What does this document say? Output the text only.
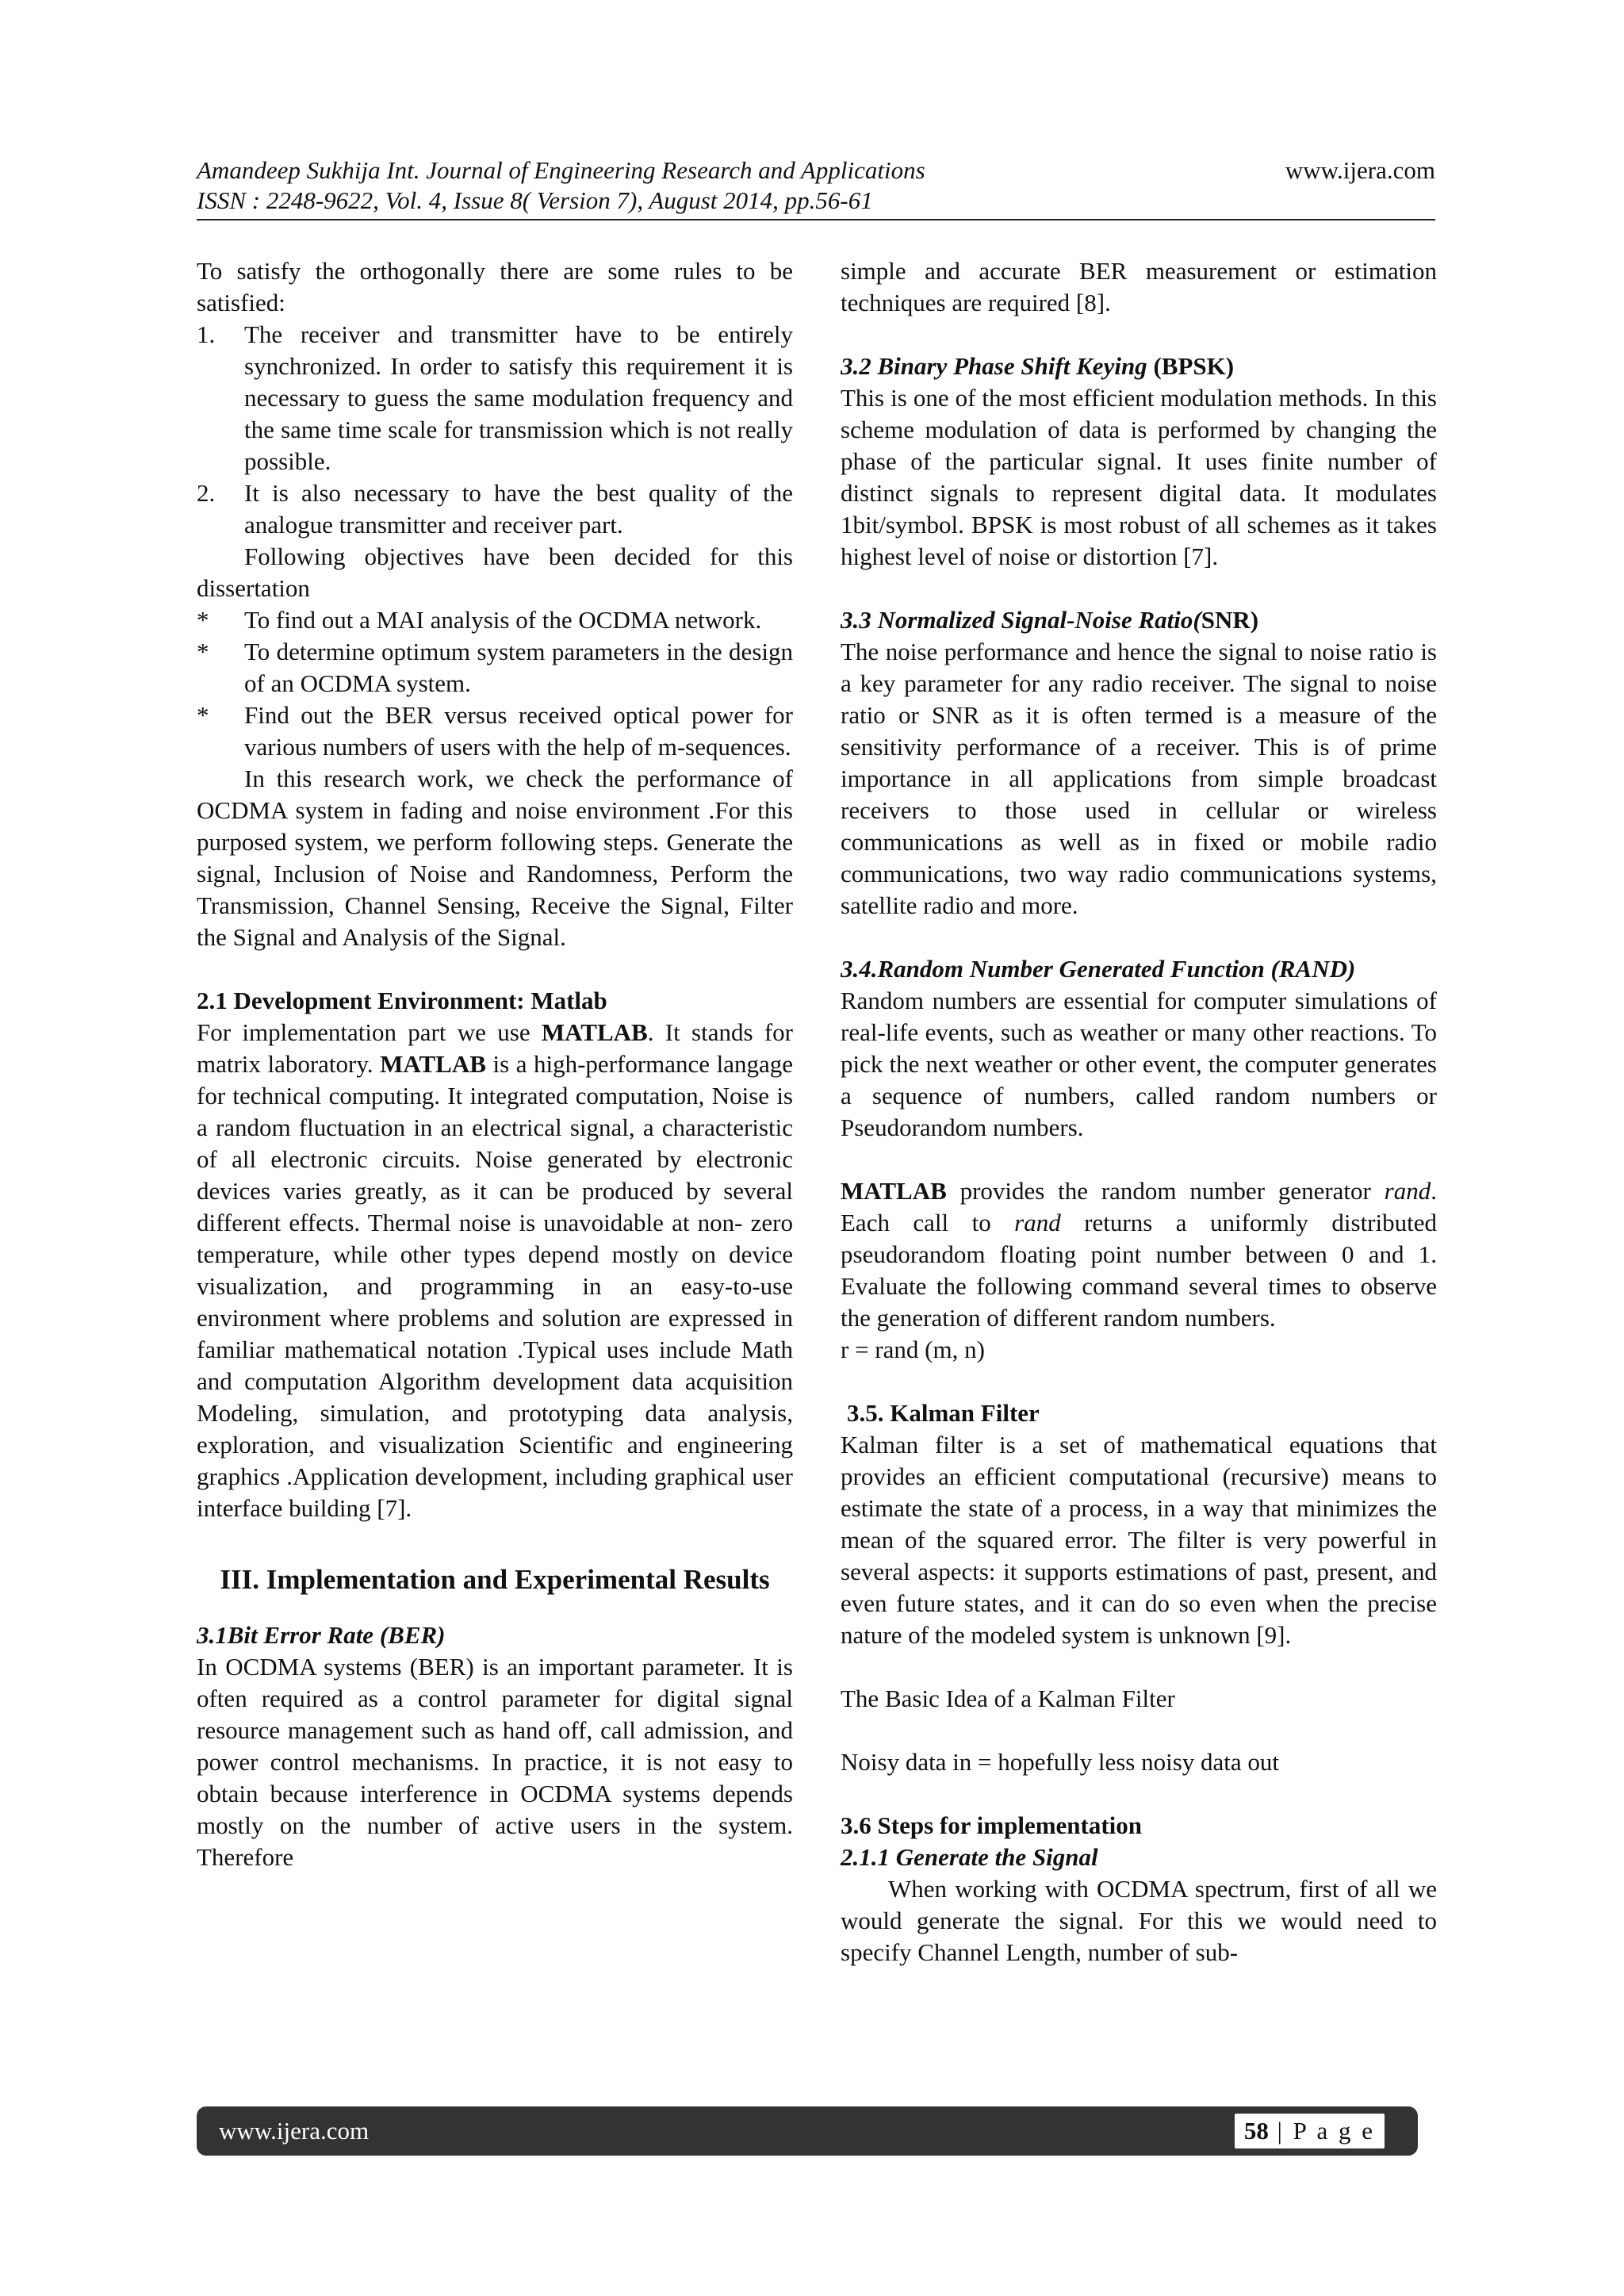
Amandeep Sukhija Int. Journal of Engineering Research and Applications	www.ijera.com
ISSN : 2248-9622, Vol. 4, Issue 8( Version 7), August 2014, pp.56-61

To satisfy the orthogonally there are some rules to be satisfied:

1.	The receiver and transmitter have to be entirely synchronized. In order to satisfy this requirement it is necessary to guess the same modulation frequency and the same time scale for transmission which is not really possible.
2.	It is also necessary to have the best quality of the analogue transmitter and receiver part.

Following objectives have been decided for this dissertation

*	To find out a MAI analysis of the OCDMA network.
*	To determine optimum system parameters in the design of an OCDMA system.
*	Find out the BER versus received optical power for various numbers of users with the help of m-sequences.

In this research work, we check the performance of OCDMA system in fading and noise environment .For this purposed system, we perform following steps. Generate the signal, Inclusion of Noise and Randomness, Perform the Transmission, Channel Sensing, Receive the Signal, Filter the Signal and Analysis of the Signal.

2.1 Development Environment: Matlab

For implementation part we use MATLAB. It stands for matrix laboratory. MATLAB is a high-performance langage for technical computing. It integrated computation, Noise is a random fluctuation in an electrical signal, a characteristic of all electronic circuits. Noise generated by electronic devices varies greatly, as it can be produced by several different effects. Thermal noise is unavoidable at non- zero temperature, while other types depend mostly on device visualization, and programming in an easy-to-use environment where problems and solution are expressed in familiar mathematical notation .Typical uses include Math and computation Algorithm development data acquisition Modeling, simulation, and prototyping data analysis, exploration, and visualization Scientific and engineering graphics .Application development, including graphical user interface building [7].

III. Implementation and Experimental Results
3.1Bit Error Rate (BER)

In OCDMA systems (BER) is an important parameter. It is often required as a control parameter for digital signal resource management such as hand off, call admission, and power control mechanisms. In practice, it is not easy to obtain because interference in OCDMA systems depends mostly on the number of active users in the system. Therefore

simple and accurate BER measurement or estimation techniques are required [8].

3.2 Binary Phase Shift Keying (BPSK)

This is one of the most efficient modulation methods. In this scheme modulation of data is performed by changing the phase of the particular signal. It uses finite number of distinct signals to represent digital data. It modulates 1bit/symbol. BPSK is most robust of all schemes as it takes highest level of noise or distortion [7].

3.3 Normalized Signal-Noise Ratio(SNR)

The noise performance and hence the signal to noise ratio is a key parameter for any radio receiver. The signal to noise ratio or SNR as it is often termed is a measure of the sensitivity performance of a receiver. This is of prime importance in all applications from simple broadcast receivers to those used in cellular or wireless communications as well as in fixed or mobile radio communications, two way radio communications systems, satellite radio and more.

3.4.Random Number Generated Function (RAND)

Random numbers are essential for computer simulations of real-life events, such as weather or many other reactions. To pick the next weather or other event, the computer generates a sequence of numbers, called random numbers or Pseudorandom numbers.

MATLAB provides the random number generator rand. Each call to rand returns a uniformly distributed pseudorandom floating point number between 0 and 1. Evaluate the following command several times to observe the generation of different random numbers.

r = rand (m, n)

3.5. Kalman Filter

Kalman filter is a set of mathematical equations that provides an efficient computational (recursive) means to estimate the state of a process, in a way that minimizes the mean of the squared error. The filter is very powerful in several aspects: it supports estimations of past, present, and even future states, and it can do so even when the precise nature of the modeled system is unknown [9].

The Basic Idea of a Kalman Filter

Noisy data in = hopefully less noisy data out

3.6 Steps for implementation
2.1.1 Generate the Signal

When working with OCDMA spectrum, first of all we would generate the signal. For this we would need to specify Channel Length, number of sub-

www.ijera.com	58 | P a g e
